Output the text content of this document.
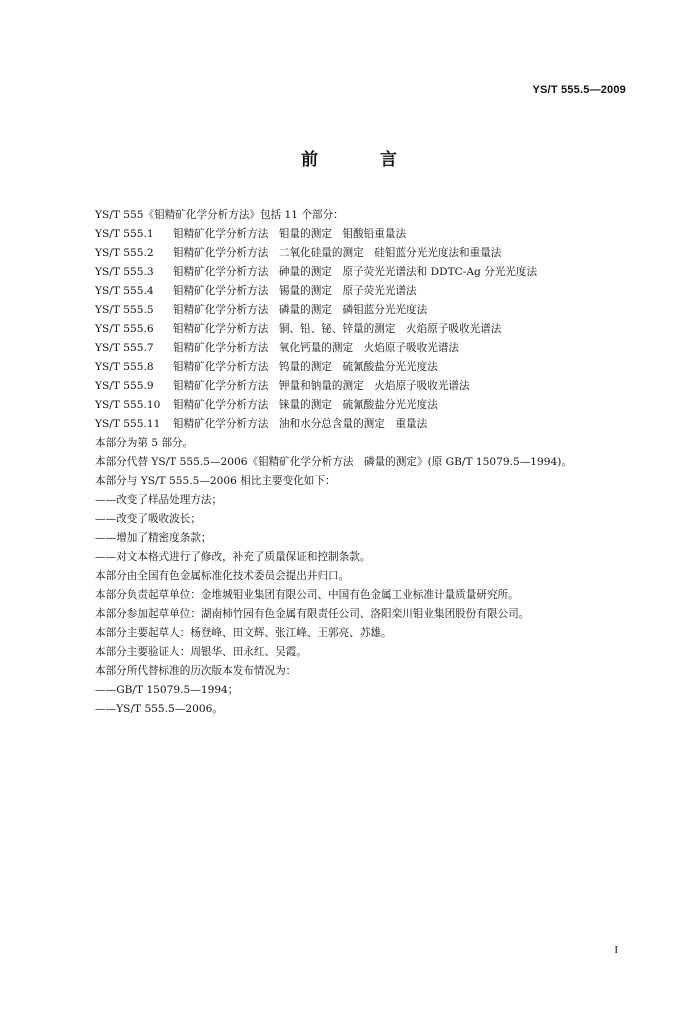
YS/T 555.5—2009
前 言
YS/T 555《钼精矿化学分析方法》包括 11 个部分：
YS/T 555.1	钼精矿化学分析方法　钼量的测定　钼酸铅重量法
YS/T 555.2	钼精矿化学分析方法　二氧化硅量的测定　硅钼蓝分光光度法和重量法
YS/T 555.3	钼精矿化学分析方法　砷量的测定　原子荧光光谱法和 DDTC-Ag 分光光度法
YS/T 555.4	钼精矿化学分析方法　锡量的测定　原子荧光光谱法
YS/T 555.5	钼精矿化学分析方法　磷量的测定　磷钼蓝分光光度法
YS/T 555.6	钼精矿化学分析方法　铜、铅、铋、锌量的测定　火焰原子吸收光谱法
YS/T 555.7	钼精矿化学分析方法　氧化钙量的测定　火焰原子吸收光谱法
YS/T 555.8	钼精矿化学分析方法　钨量的测定　硫氰酸盐分光光度法
YS/T 555.9	钼精矿化学分析方法　钾量和钠量的测定　火焰原子吸收光谱法
YS/T 555.10	钼精矿化学分析方法　铼量的测定　硫氰酸盐分光光度法
YS/T 555.11	钼精矿化学分析方法　油和水分总含量的测定　重量法
本部分为第 5 部分。
本部分代替 YS/T 555.5—2006《钼精矿化学分析方法　磷量的测定》(原 GB/T 15079.5—1994)。
本部分与 YS/T 555.5—2006 相比主要变化如下：
——改变了样品处理方法；
——改变了吸收波长；
——增加了精密度条款；
——对文本格式进行了修改，补充了质量保证和控制条款。
本部分由全国有色金属标准化技术委员会提出并归口。
本部分负责起草单位：金堆城钼业集团有限公司、中国有色金属工业标准计量质量研究所。
本部分参加起草单位：湖南柿竹园有色金属有限责任公司、洛阳栾川钼业集团股份有限公司。
本部分主要起草人：杨登峰、田文辉、张江峰、王郭亮、苏雄。
本部分主要验证人：周银华、田永红、吴霞。
本部分所代替标准的历次版本发布情况为：
——GB/T 15079.5—1994；
——YS/T 555.5—2006。
I
